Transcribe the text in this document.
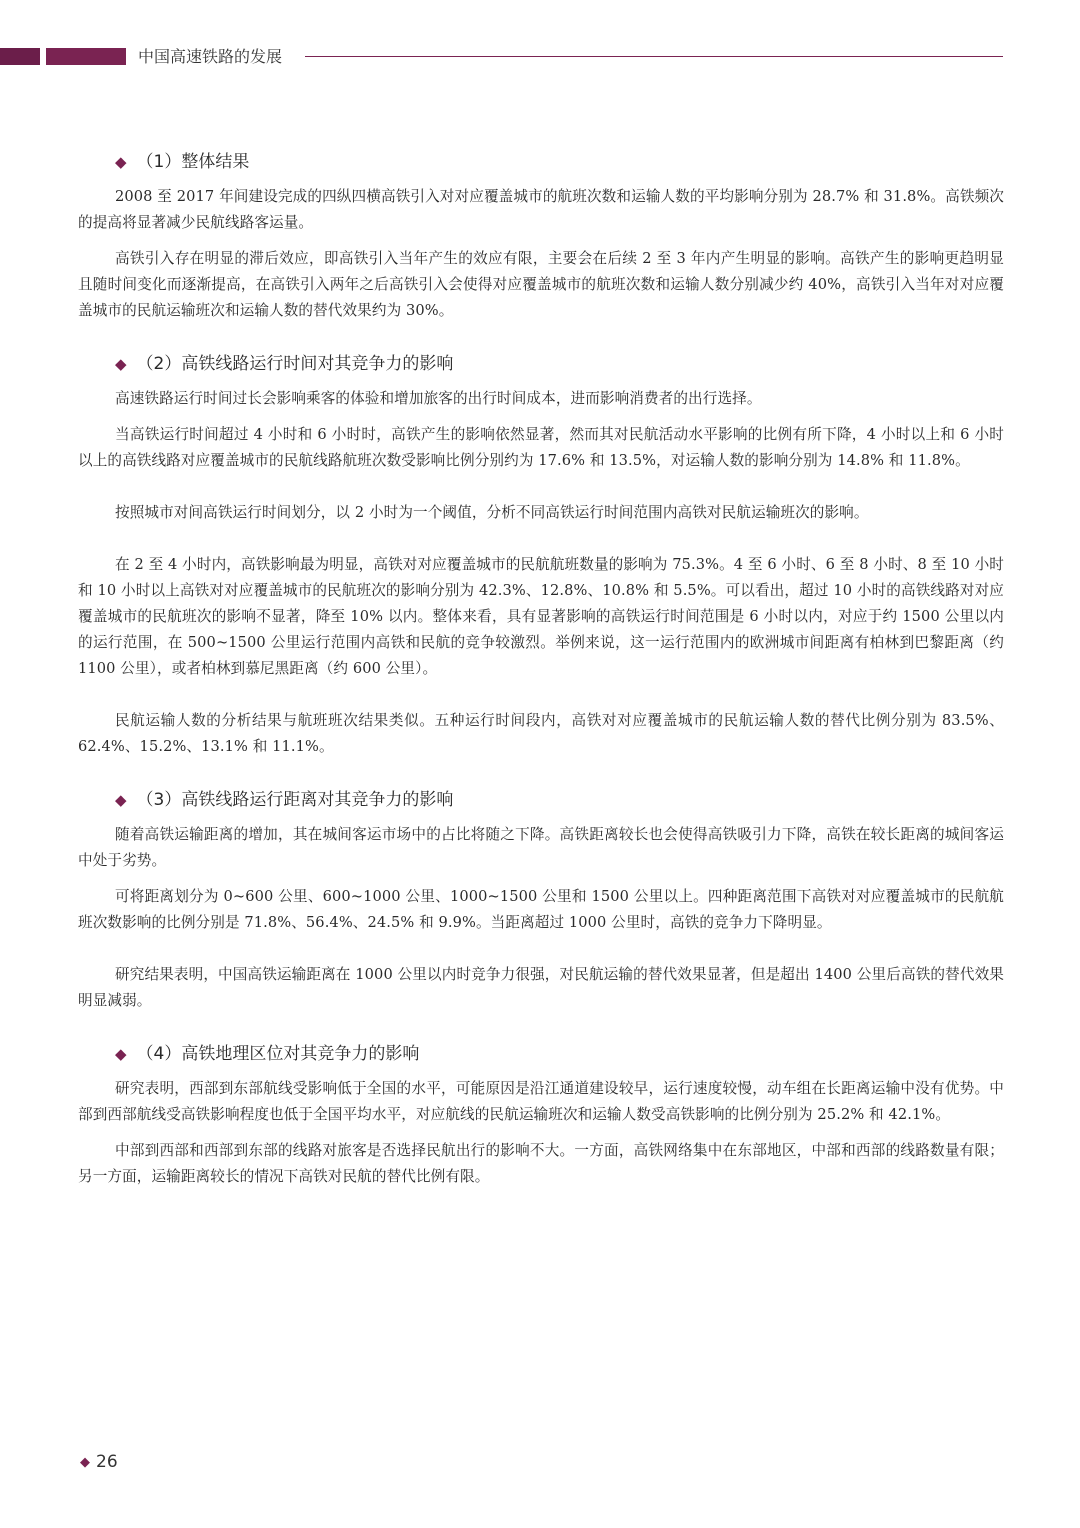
中国高速铁路的发展
◆ （1）整体结果

2008 至 2017 年间建设完成的四纵四横高铁引入对对应覆盖城市的航班次数和运输人数的平均影响分别为 28.7% 和 31.8%。高铁频次的提高将显著减少民航线路客运量。

高铁引入存在明显的滞后效应，即高铁引入当年产生的效应有限，主要会在后续 2 至 3 年内产生明显的影响。高铁产生的影响更趋明显且随时间变化而逐渐提高，在高铁引入两年之后高铁引入会使得对应覆盖城市的航班次数和运输人数分别减少约 40%，高铁引入当年对对应覆盖城市的民航运输班次和运输人数的替代效果约为 30%。

◆ （2）高铁线路运行时间对其竞争力的影响

高速铁路运行时间过长会影响乘客的体验和增加旅客的出行时间成本，进而影响消费者的出行选择。

当高铁运行时间超过 4 小时和 6 小时时，高铁产生的影响依然显著，然而其对民航活动水平影响的比例有所下降，4 小时以上和 6 小时以上的高铁线路对应覆盖城市的民航线路航班次数受影响比例分别约为 17.6% 和 13.5%，对运输人数的影响分别为 14.8% 和 11.8%。

按照城市对间高铁运行时间划分，以 2 小时为一个阈值，分析不同高铁运行时间范围内高铁对民航运输班次的影响。

在 2 至 4 小时内，高铁影响最为明显，高铁对对应覆盖城市的民航航班数量的影响为 75.3%。4 至 6 小时、6 至 8 小时、8 至 10 小时和 10 小时以上高铁对对应覆盖城市的民航班次的影响分别为 42.3%、12.8%、10.8% 和 5.5%。可以看出，超过 10 小时的高铁线路对对应覆盖城市的民航班次的影响不显著，降至 10% 以内。整体来看，具有显著影响的高铁运行时间范围是 6 小时以内，对应于约 1500 公里以内的运行范围，在 500~1500 公里运行范围内高铁和民航的竞争较激烈。举例来说，这一运行范围内的欧洲城市间距离有柏林到巴黎距离（约 1100 公里），或者柏林到慕尼黑距离（约 600 公里）。

民航运输人数的分析结果与航班班次结果类似。五种运行时间段内，高铁对对应覆盖城市的民航运输人数的替代比例分别为 83.5%、62.4%、15.2%、13.1% 和 11.1%。

◆ （3）高铁线路运行距离对其竞争力的影响

随着高铁运输距离的增加，其在城间客运市场中的占比将随之下降。高铁距离较长也会使得高铁吸引力下降，高铁在较长距离的城间客运中处于劣势。

可将距离划分为 0~600 公里、600~1000 公里、1000~1500 公里和 1500 公里以上。四种距离范围下高铁对对应覆盖城市的民航航班次数影响的比例分别是 71.8%、56.4%、24.5% 和 9.9%。当距离超过 1000 公里时，高铁的竞争力下降明显。

研究结果表明，中国高铁运输距离在 1000 公里以内时竞争力很强，对民航运输的替代效果显著，但是超出 1400 公里后高铁的替代效果明显减弱。

◆ （4）高铁地理区位对其竞争力的影响

研究表明，西部到东部航线受影响低于全国的水平，可能原因是沿江通道建设较早，运行速度较慢，动车组在长距离运输中没有优势。中部到西部航线受高铁影响程度也低于全国平均水平，对应航线的民航运输班次和运输人数受高铁影响的比例分别为 25.2% 和 42.1%。

中部到西部和西部到东部的线路对旅客是否选择民航出行的影响不大。一方面，高铁网络集中在东部地区，中部和西部的线路数量有限；另一方面，运输距离较长的情况下高铁对民航的替代比例有限。

◆ 26
